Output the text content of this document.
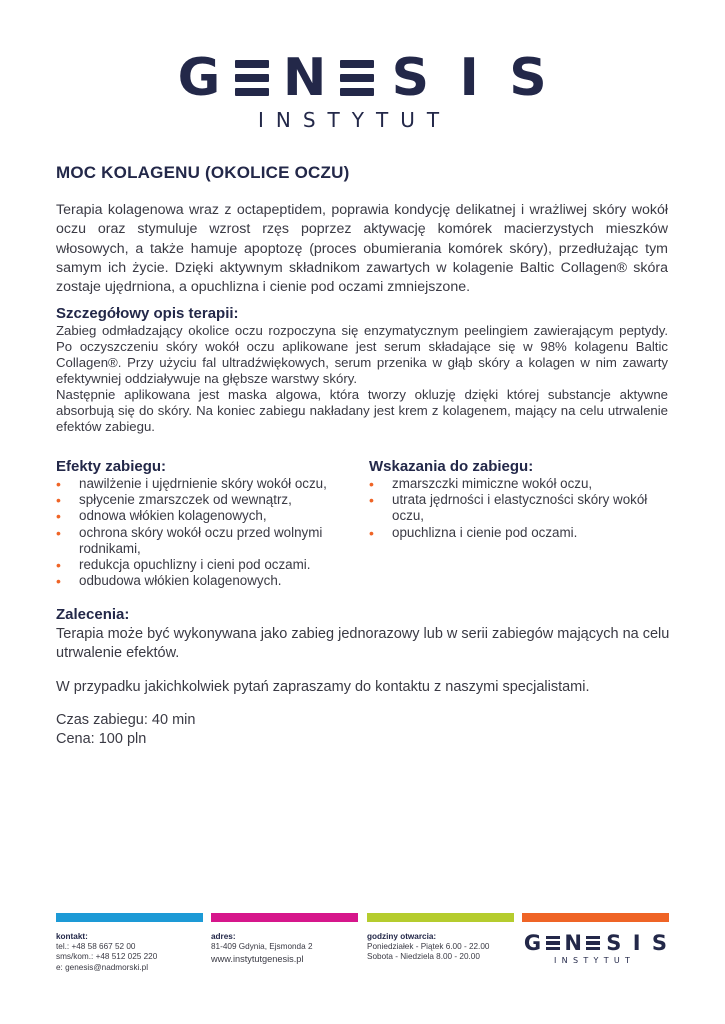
G N S I S
INSTYTUT
MOC KOLAGENU (OKOLICE OCZU)

Terapia kolagenowa wraz z octapeptidem, poprawia kondycję delikatnej i wrażliwej skóry wokół oczu oraz stymuluje wzrost rzęs poprzez aktywację komórek macierzystych mieszków włosowych, a także hamuje apoptozę (proces obumierania komórek skóry), przedłużając tym samym ich życie. Dzięki aktywnym składnikom zawartych w kolagenie Baltic Collagen® skóra zostaje ujędrniona, a opuchlizna i cienie pod oczami zmniejszone.

Szczegółowy opis terapii:

Zabieg odmładzający okolice oczu rozpoczyna się enzymatycznym peelingiem zawierającym peptydy. Po oczyszczeniu skóry wokół oczu aplikowane jest serum składające się w 98% kolagenu Baltic Collagen®. Przy użyciu fal ultradźwiękowych, serum przenika w głąb skóry a kolagen w nim zawarty efektywniej oddziaływuje na głębsze warstwy skóry.

Następnie aplikowana jest maska algowa, która tworzy okluzję dzięki której substancje aktywne absorbują się do skóry. Na koniec zabiegu nakładany jest krem z kolagenem, mający na celu utrwalenie efektów zabiegu.

Efekty zabiegu:
• nawilżenie i ujędrnienie skóry wokół oczu,
• spłycenie zmarszczek od wewnątrz,
• odnowa włókien kolagenowych,
• ochrona skóry wokół oczu przed wolnymi rodnikami,
• redukcja opuchlizny i cieni pod oczami.
• odbudowa włókien kolagenowych.
Wskazania do zabiegu:
• zmarszczki mimiczne wokół oczu,
• utrata jędrności i elastyczności skóry wokół oczu,
• opuchlizna i cienie pod oczami.
Zalecenia:

Terapia może być wykonywana jako zabieg jednorazowy lub w serii zabiegów mających na celu utrwalenie efektów.

W przypadku jakichkolwiek pytań zapraszamy do kontaktu z naszymi specjalistami.

Czas zabiegu: 40 min

Cena: 100 pln

kontakt:
tel.: +48 58 667 52 00
sms/kom.: +48 512 025 220
e: genesis@nadmorski.pl
adres:
81-409 Gdynia, Ejsmonda 2
www.instytutgenesis.pl
godziny otwarcia:
Poniedziałek - Piątek 6.00 - 22.00
Sobota - Niedziela 8.00 - 20.00
G N S I S
INSTYTUT
